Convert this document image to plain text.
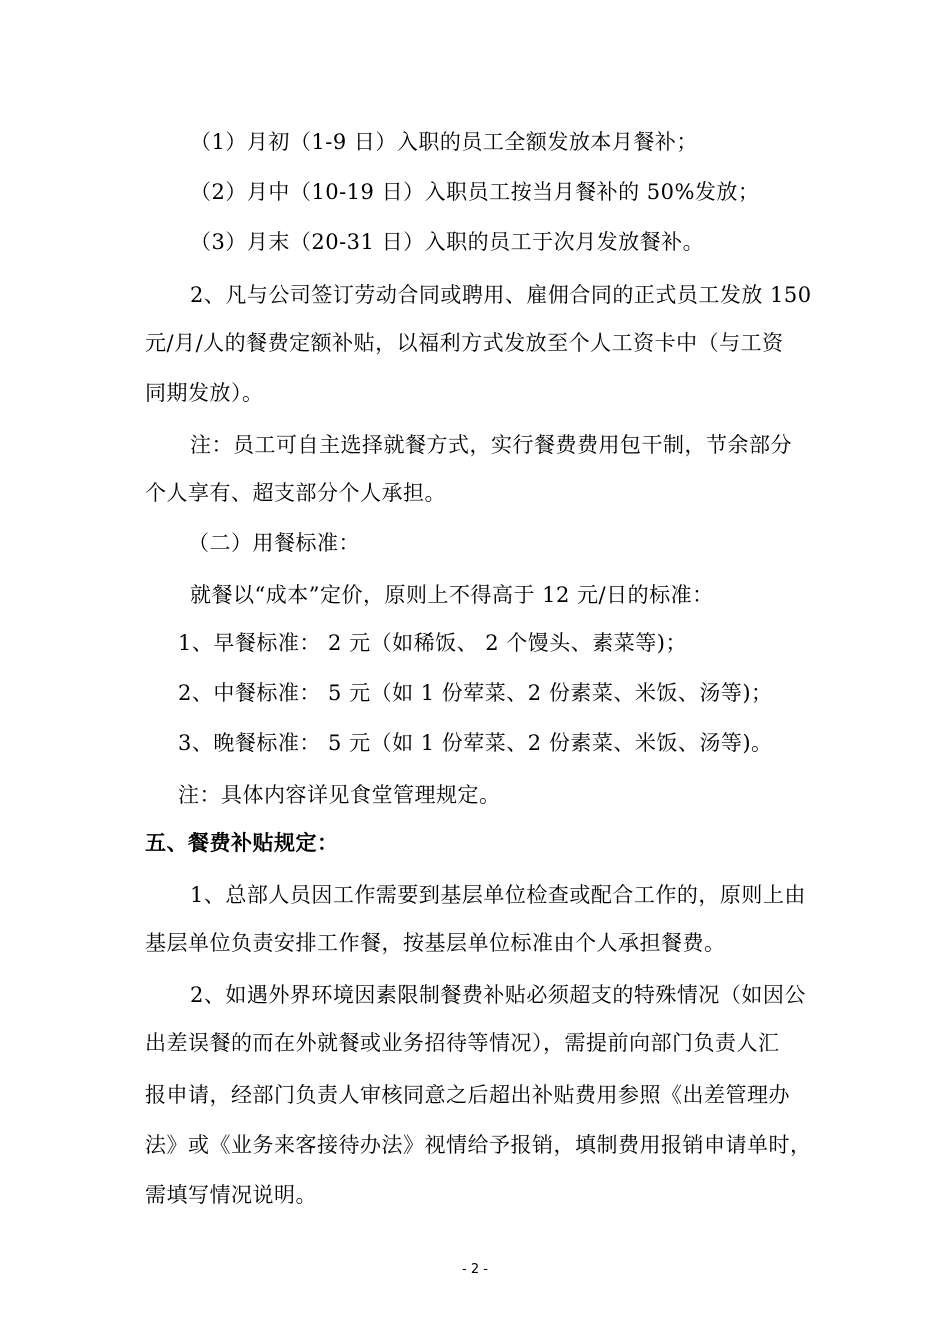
（1）月初（1-9 日）入职的员工全额发放本月餐补；
（2）月中（10-19 日）入职员工按当月餐补的 50%发放；
（3）月末（20-31 日）入职的员工于次月发放餐补。
2、凡与公司签订劳动合同或聘用、雇佣合同的正式员工发放 150
元/月/人的餐费定额补贴，以福利方式发放至个人工资卡中（与工资
同期发放）。
注：员工可自主选择就餐方式，实行餐费费用包干制，节余部分
个人享有、超支部分个人承担。
（二）用餐标准：
就餐以“成本”定价，原则上不得高于 12 元/日的标准：
1、早餐标准： 2 元（如稀饭、 2 个馒头、素菜等)；
2、中餐标准： 5 元（如 1 份荤菜、2 份素菜、米饭、汤等)；
3、晚餐标准： 5 元（如 1 份荤菜、2 份素菜、米饭、汤等)。
注：具体内容详见食堂管理规定。
五、餐费补贴规定：
1、总部人员因工作需要到基层单位检查或配合工作的，原则上由
基层单位负责安排工作餐，按基层单位标准由个人承担餐费。
2、如遇外界环境因素限制餐费补贴必须超支的特殊情况（如因公
出差误餐的而在外就餐或业务招待等情况），需提前向部门负责人汇
报申请，经部门负责人审核同意之后超出补贴费用参照《出差管理办
法》或《业务来客接待办法》视情给予报销，填制费用报销申请单时，
需填写情况说明。
- 2 -
